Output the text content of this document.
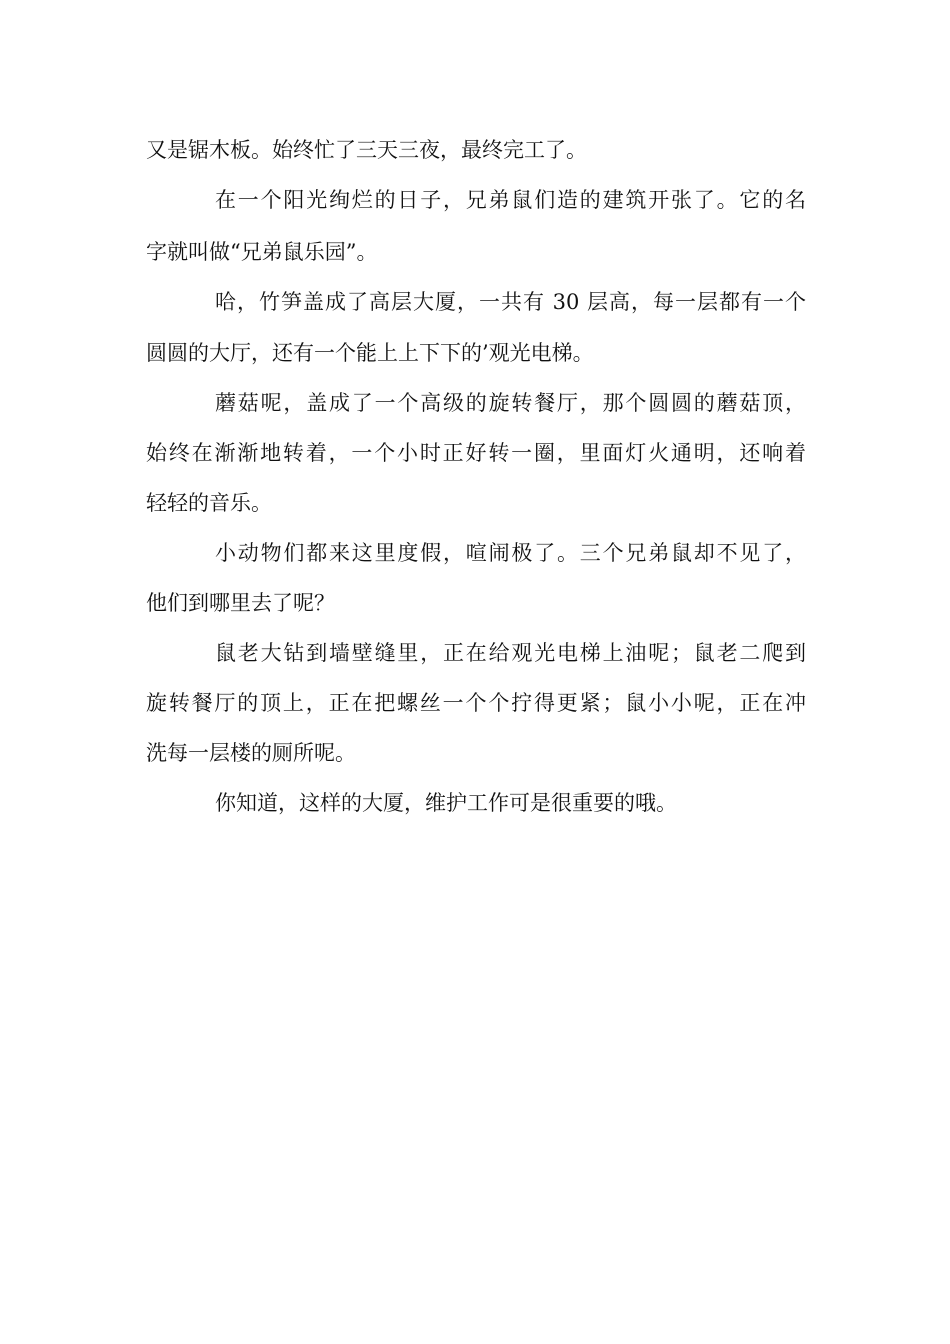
又是锯木板。始终忙了三天三夜，最终完工了。
在一个阳光绚烂的日子，兄弟鼠们造的建筑开张了。它的名
字就叫做“兄弟鼠乐园”。
哈，竹笋盖成了高层大厦，一共有 30 层高，每一层都有一个
圆圆的大厅，还有一个能上上下下的’观光电梯。
蘑菇呢，盖成了一个高级的旋转餐厅，那个圆圆的蘑菇顶，
始终在渐渐地转着，一个小时正好转一圈，里面灯火通明，还响着
轻轻的音乐。
小动物们都来这里度假，喧闹极了。三个兄弟鼠却不见了，
他们到哪里去了呢？
鼠老大钻到墙壁缝里，正在给观光电梯上油呢；鼠老二爬到
旋转餐厅的顶上，正在把螺丝一个个拧得更紧；鼠小小呢，正在冲
洗每一层楼的厕所呢。
你知道，这样的大厦，维护工作可是很重要的哦。
